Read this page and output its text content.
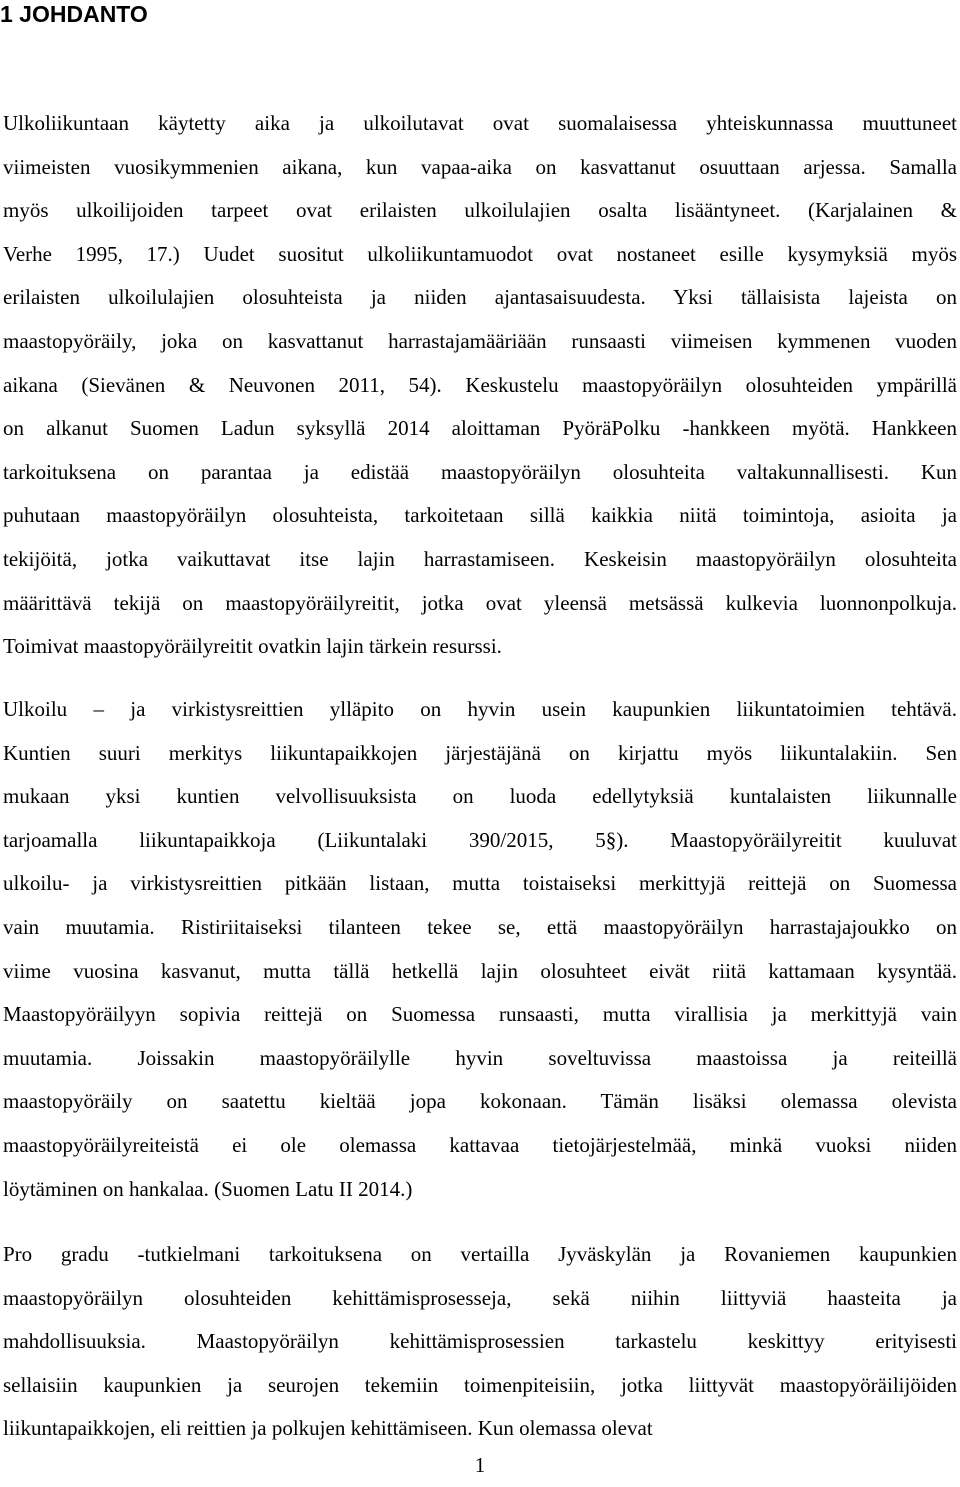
1 JOHDANTO
Ulkoliikuntaan käytetty aika ja ulkoilutavat ovat suomalaisessa yhteiskunnassa muuttuneet
viimeisten vuosikymmenien aikana, kun vapaa-aika on kasvattanut osuuttaan arjessa. Samalla
myös ulkoilijoiden tarpeet ovat erilaisten ulkoilulajien osalta lisääntyneet. (Karjalainen &
Verhe 1995, 17.) Uudet suositut ulkoliikuntamuodot ovat nostaneet esille kysymyksiä myös
erilaisten ulkoilulajien olosuhteista ja niiden ajantasaisuudesta. Yksi tällaisista lajeista on
maastopyöräily, joka on kasvattanut harrastajamääriään runsaasti viimeisen kymmenen vuoden
aikana (Sievänen & Neuvonen 2011, 54). Keskustelu maastopyöräilyn olosuhteiden ympärillä
on alkanut Suomen Ladun syksyllä 2014 aloittaman PyöräPolku -hankkeen myötä. Hankkeen
tarkoituksena on parantaa ja edistää maastopyöräilyn olosuhteita valtakunnallisesti. Kun
puhutaan maastopyöräilyn olosuhteista, tarkoitetaan sillä kaikkia niitä toimintoja, asioita ja
tekijöitä, jotka vaikuttavat itse lajin harrastamiseen. Keskeisin maastopyöräilyn olosuhteita
määrittävä tekijä on maastopyöräilyreitit, jotka ovat yleensä metsässä kulkevia luonnonpolkuja.
Toimivat maastopyöräilyreitit ovatkin lajin tärkein resurssi.
Ulkoilu – ja virkistysreittien ylläpito on hyvin usein kaupunkien liikuntatoimien tehtävä.
Kuntien suuri merkitys liikuntapaikkojen järjestäjänä on kirjattu myös liikuntalakiin. Sen
mukaan yksi kuntien velvollisuuksista on luoda edellytyksiä kuntalaisten liikunnalle
tarjoamalla liikuntapaikkoja (Liikuntalaki 390/2015, 5§). Maastopyöräilyreitit kuuluvat
ulkoilu- ja virkistysreittien pitkään listaan, mutta toistaiseksi merkittyjä reittejä on Suomessa
vain muutamia. Ristiriitaiseksi tilanteen tekee se, että maastopyöräilyn harrastajajoukko on
viime vuosina kasvanut, mutta tällä hetkellä lajin olosuhteet eivät riitä kattamaan kysyntää.
Maastopyöräilyyn sopivia reittejä on Suomessa runsaasti, mutta virallisia ja merkittyjä vain
muutamia. Joissakin maastopyöräilylle hyvin soveltuvissa maastoissa ja reiteillä
maastopyöräily on saatettu kieltää jopa kokonaan. Tämän lisäksi olemassa olevista
maastopyöräilyreiteistä ei ole olemassa kattavaa tietojärjestelmää, minkä vuoksi niiden
löytäminen on hankalaa. (Suomen Latu II 2014.)
Pro gradu -tutkielmani tarkoituksena on vertailla Jyväskylän ja Rovaniemen kaupunkien
maastopyöräilyn olosuhteiden kehittämisprosesseja, sekä niihin liittyviä haasteita ja
mahdollisuuksia. Maastopyöräilyn kehittämisprosessien tarkastelu keskittyy erityisesti
sellaisiin kaupunkien ja seurojen tekemiin toimenpiteisiin, jotka liittyvät maastopyöräilijöiden
liikuntapaikkojen, eli reittien ja polkujen kehittämiseen. Kun olemassa olevat
1
